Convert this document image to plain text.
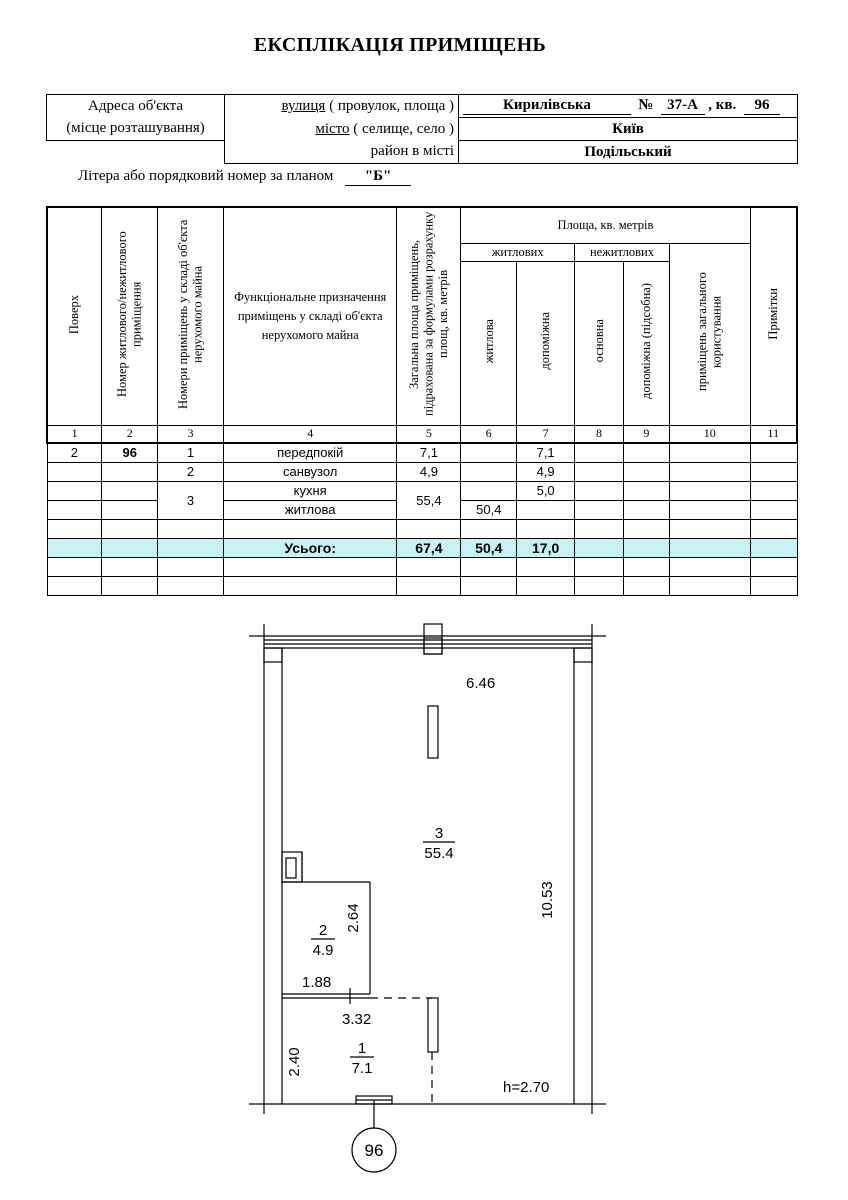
ЕКСПЛІКАЦІЯ ПРИМІЩЕНЬ
Адреса об'єкта	вулиця ( провулок, площа )	Кирилівська № 37-А , кв. 96
(місце розташування)	місто ( селище, село )	Київ
	район в місті	Подільський
Літера або порядковий номер за планом "Б"
Поверх	Номер житлового/нежитлового приміщення	Номери приміщень у складі об'єкта нерухомого майна	Функціональне призначення приміщень у складі об'єкта нерухомого майна	Загальна площа приміщень, підрахована за формулами розрахунку площ, кв. метрів	Площа, кв. метрів					Примітки
					житлових		нежитлових		приміщень загального користування	
					житлова	допоміжна	основна	допоміжна (підсобна)		
1	2	3	4	5	6	7	8	9	10	11
2	96	1	передпокій	7,1		7,1				
		2	санвузол	4,9		4,9				
		3	кухня	55,4		5,0				
			житлова		50,4					

			Усього:	67,4	50,4	17,0				

6.46
3
55.4
10.53
2
4.9
2.64
1.88
3.32
1
7.1
2.40
h=2.70
96
